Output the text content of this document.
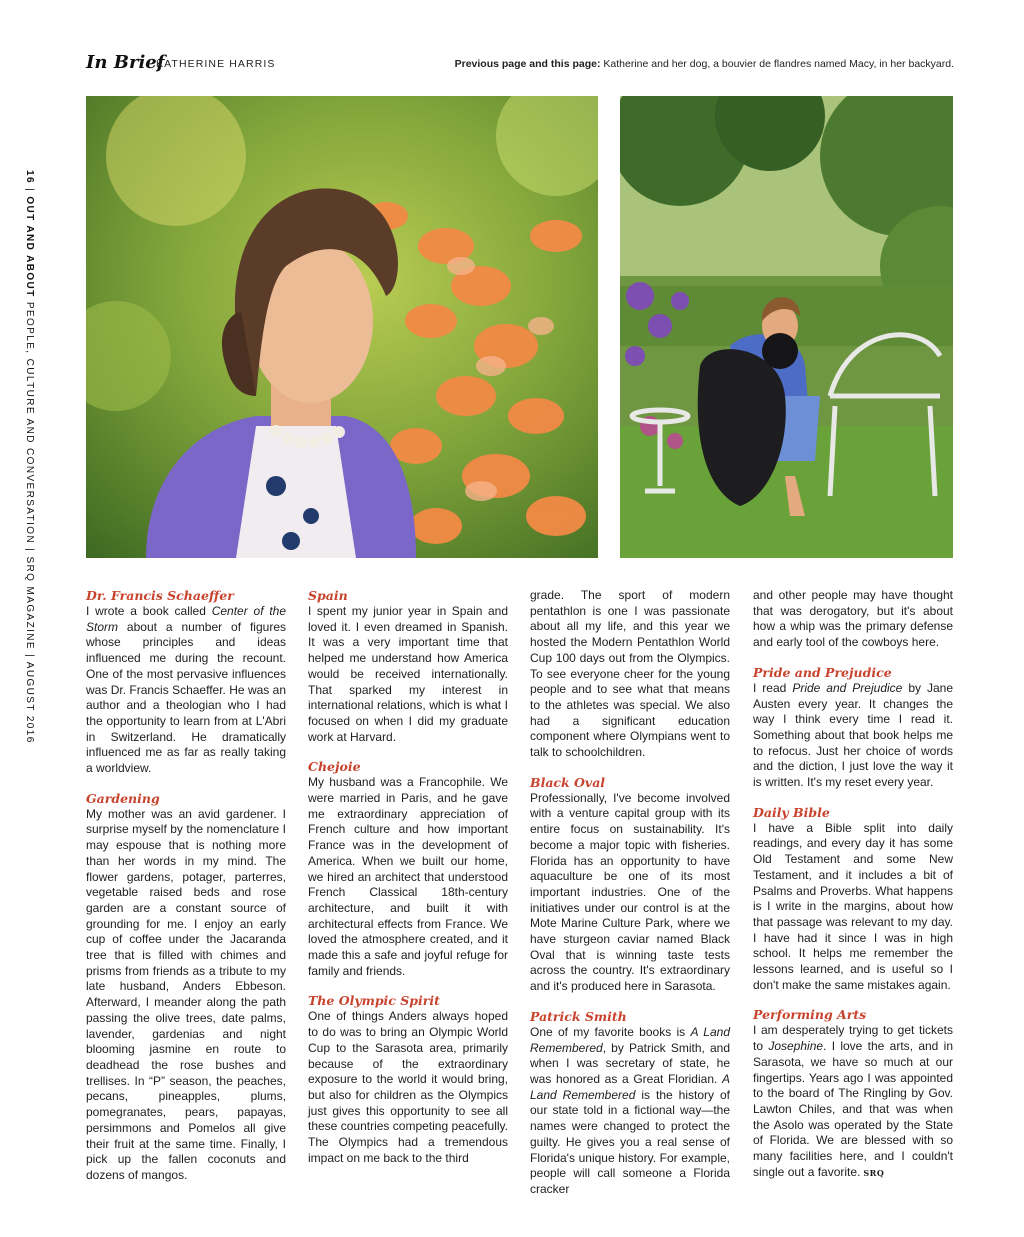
In Brief
KATHERINE HARRIS	Previous page and this page: Katherine and her dog, a bouvier de flandres named Macy, in her backyard.
16 | OUT AND ABOUT PEOPLE, CULTURE AND CONVERSATION | SRQ MAGAZINE | AUGUST 2016
Dr. Francis Schaeffer

I wrote a book called Center of the Storm about a number of figures whose principles and ideas influenced me during the recount. One of the most pervasive influences was Dr. Francis Schaeffer. He was an author and a theologian who I had the opportunity to learn from at L'Abri in Switzerland. He dramatically influenced me as far as really taking a worldview.

Gardening

My mother was an avid gardener. I surprise myself by the nomenclature I may espouse that is nothing more than her words in my mind. The flower gardens, potager, parterres, vegetable raised beds and rose garden are a constant source of grounding for me. I enjoy an early cup of coffee under the Jacaranda tree that is filled with chimes and prisms from friends as a tribute to my late husband, Anders Ebbeson. Afterward, I meander along the path passing the olive trees, date palms, lavender, gardenias and night blooming jasmine en route to deadhead the rose bushes and trellises. In “P” season, the peaches, pecans, pineapples, plums, pomegranates, pears, papayas, persimmons and Pomelos all give their fruit at the same time. Finally, I pick up the fallen coconuts and dozens of mangos.

Spain

I spent my junior year in Spain and loved it. I even dreamed in Spanish. It was a very important time that helped me understand how America would be received internationally. That sparked my interest in international relations, which is what I focused on when I did my graduate work at Harvard.

Chejoie

My husband was a Francophile. We were married in Paris, and he gave me extraordinary appreciation of French culture and how important France was in the development of America. When we built our home, we hired an architect that understood French Classical 18th-century architecture, and built it with architectural effects from France. We loved the atmosphere created, and it made this a safe and joyful refuge for family and friends.

The Olympic Spirit

One of things Anders always hoped to do was to bring an Olympic World Cup to the Sarasota area, primarily because of the extraordinary exposure to the world it would bring, but also for children as the Olympics just gives this opportunity to see all these countries competing peacefully. The Olympics had a tremendous impact on me back to the third

grade. The sport of modern pentathlon is one I was passionate about all my life, and this year we hosted the Modern Pentathlon World Cup 100 days out from the Olympics. To see everyone cheer for the young people and to see what that means to the athletes was special. We also had a significant education component where Olympians went to talk to schoolchildren.

Black Oval

Professionally, I've become involved with a venture capital group with its entire focus on sustainability. It's become a major topic with fisheries. Florida has an opportunity to have aquaculture be one of its most important industries. One of the initiatives under our control is at the Mote Marine Culture Park, where we have sturgeon caviar named Black Oval that is winning taste tests across the country. It's extraordinary and it's produced here in Sarasota.

Patrick Smith

One of my favorite books is A Land Remembered, by Patrick Smith, and when I was secretary of state, he was honored as a Great Floridian. A Land Remembered is the history of our state told in a fictional way—the names were changed to protect the guilty. He gives you a real sense of Florida's unique history. For example, people will call someone a Florida cracker

and other people may have thought that was derogatory, but it's about how a whip was the primary defense and early tool of the cowboys here.

Pride and Prejudice

I read Pride and Prejudice by Jane Austen every year. It changes the way I think every time I read it. Something about that book helps me to refocus. Just her choice of words and the diction, I just love the way it is written. It's my reset every year.

Daily Bible

I have a Bible split into daily readings, and every day it has some Old Testament and some New Testament, and it includes a bit of Psalms and Proverbs. What happens is I write in the margins, about how that passage was relevant to my day. I have had it since I was in high school. It helps me remember the lessons learned, and is useful so I don't make the same mistakes again.

Performing Arts

I am desperately trying to get tickets to Josephine. I love the arts, and in Sarasota, we have so much at our fingertips. Years ago I was appointed to the board of The Ringling by Gov. Lawton Chiles, and that was when the Asolo was operated by the State of Florida. We are blessed with so many facilities here, and I couldn't single out a favorite. SRQ
